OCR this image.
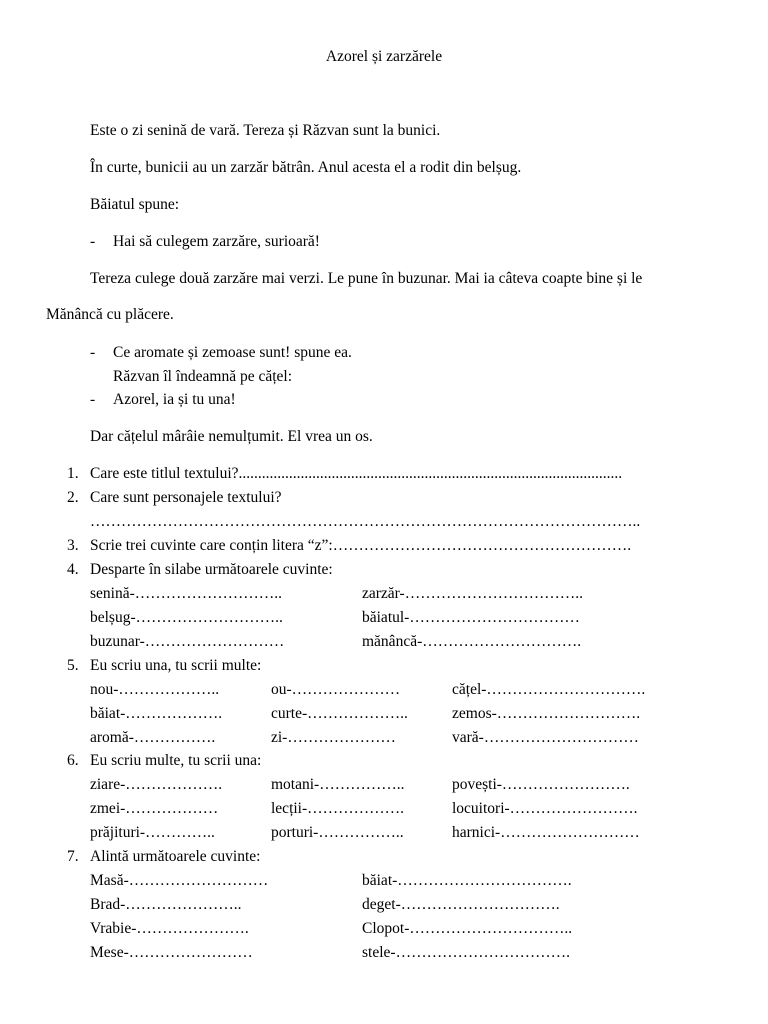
Azorel și zarzărele
Este o zi senină de vară. Tereza și Răzvan sunt la bunici.
În curte, bunicii au un zarzăr bătrân. Anul acesta el a rodit din belșug.
Băiatul spune:
- Hai să culegem zarzăre, surioară!
Tereza culege două zarzăre mai verzi. Le pune în buzunar. Mai ia câteva coapte bine și le
Mănâncă cu plăcere.
- Ce aromate și zemoase sunt! spune ea.
Răzvan îl îndeamnă pe cățel:
- Azorel, ia și tu una!
Dar cățelul mârâie nemulțumit. El vrea un os.
1. Care este titlul textului?...................................................................................................
2. Care sunt personajele textului?
……………………………………………………………………………………………..
3. Scrie trei cuvinte care conțin litera “z”:………………………………………………….
4. Desparte în silabe următoarele cuvinte:
senină-………………………..	zarzăr-……………………………..
belșug-………………………..	băiatul-……………………………
buzunar-………………………	mănâncă-………………………….
5. Eu scriu una, tu scrii multe:
nou-………………..	ou-…………………	cățel-………………………….
băiat-……………….	curte-………………..	zemos-……………………….
aromă-…………….	zi-…………………	vară-…………………………
6. Eu scriu multe, tu scrii una:
ziare-……………….	motani-……………..	povești-…………………….
zmei-………………	lecții-……………….	locuitori-…………………….
prăjituri-…………..	porturi-……………..	harnici-………………………
7. Alintă următoarele cuvinte:
Masă-………………………	băiat-…………………………….
Brad-…………………..	deget-………………………….
Vrabie-………………….	Clopot-…………………………..
Mese-……………………	stele-…………………………….
